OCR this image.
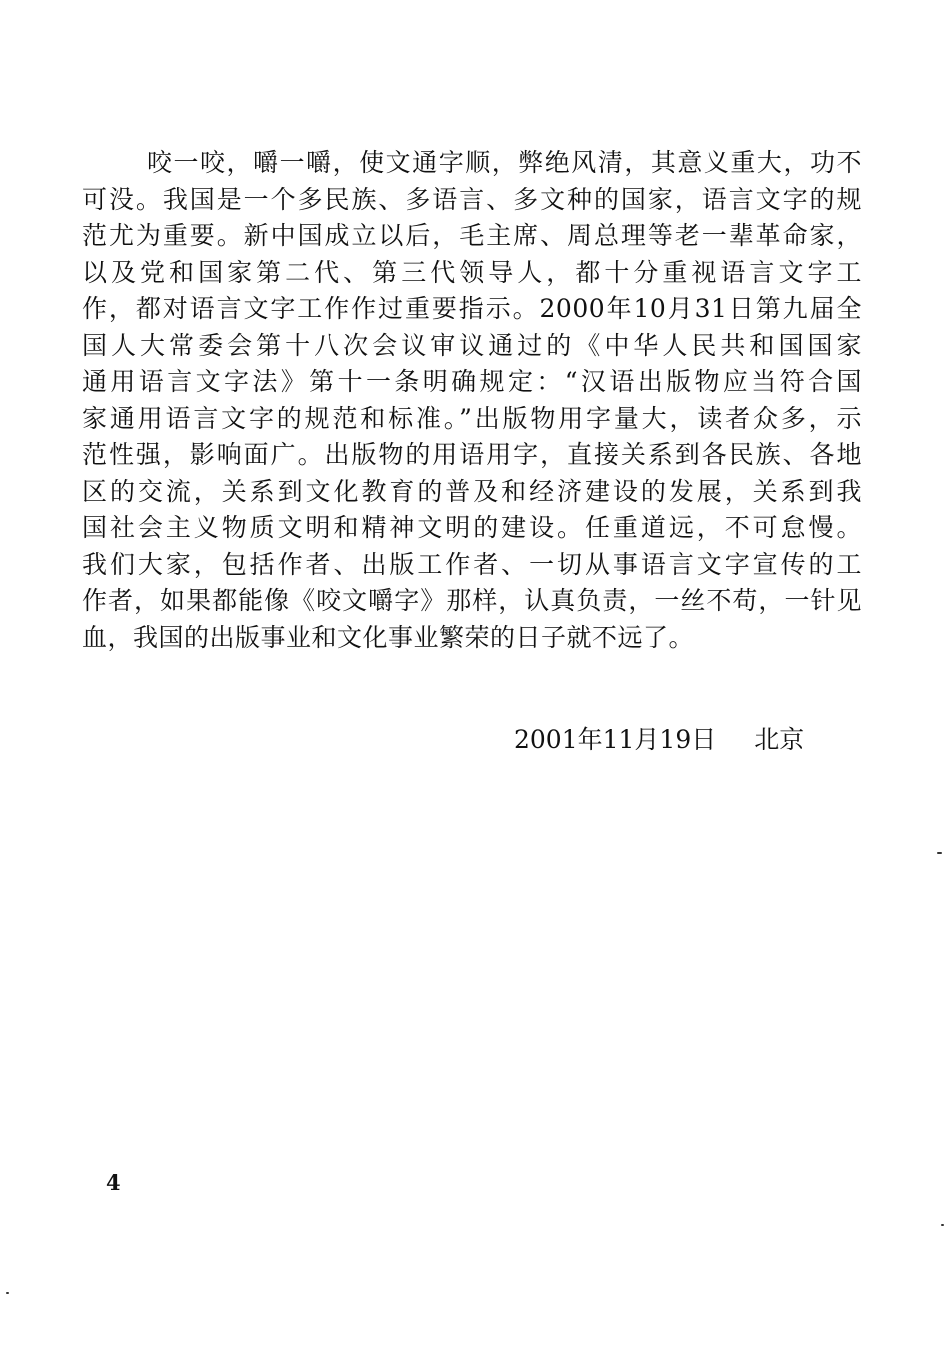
咬一咬，嚼一嚼，使文通字顺，弊绝风清，其意义重大，功不
可没。我国是一个多民族、多语言、多文种的国家，语言文字的规
范尤为重要。新中国成立以后，毛主席、周总理等老一辈革命家，
以及党和国家第二代、第三代领导人，都十分重视语言文字工
作，都对语言文字工作作过重要指示。2000年10月31日第九届全
国人大常委会第十八次会议审议通过的《中华人民共和国国家
通用语言文字法》第十一条明确规定：“汉语出版物应当符合国
家通用语言文字的规范和标准。”出版物用字量大，读者众多，示
范性强，影响面广。出版物的用语用字，直接关系到各民族、各地
区的交流，关系到文化教育的普及和经济建设的发展，关系到我
国社会主义物质文明和精神文明的建设。任重道远，不可怠慢。
我们大家，包括作者、出版工作者、一切从事语言文字宣传的工
作者，如果都能像《咬文嚼字》那样，认真负责，一丝不苟，一针见
血，我国的出版事业和文化事业繁荣的日子就不远了。
2001年11月19日 北京
4
